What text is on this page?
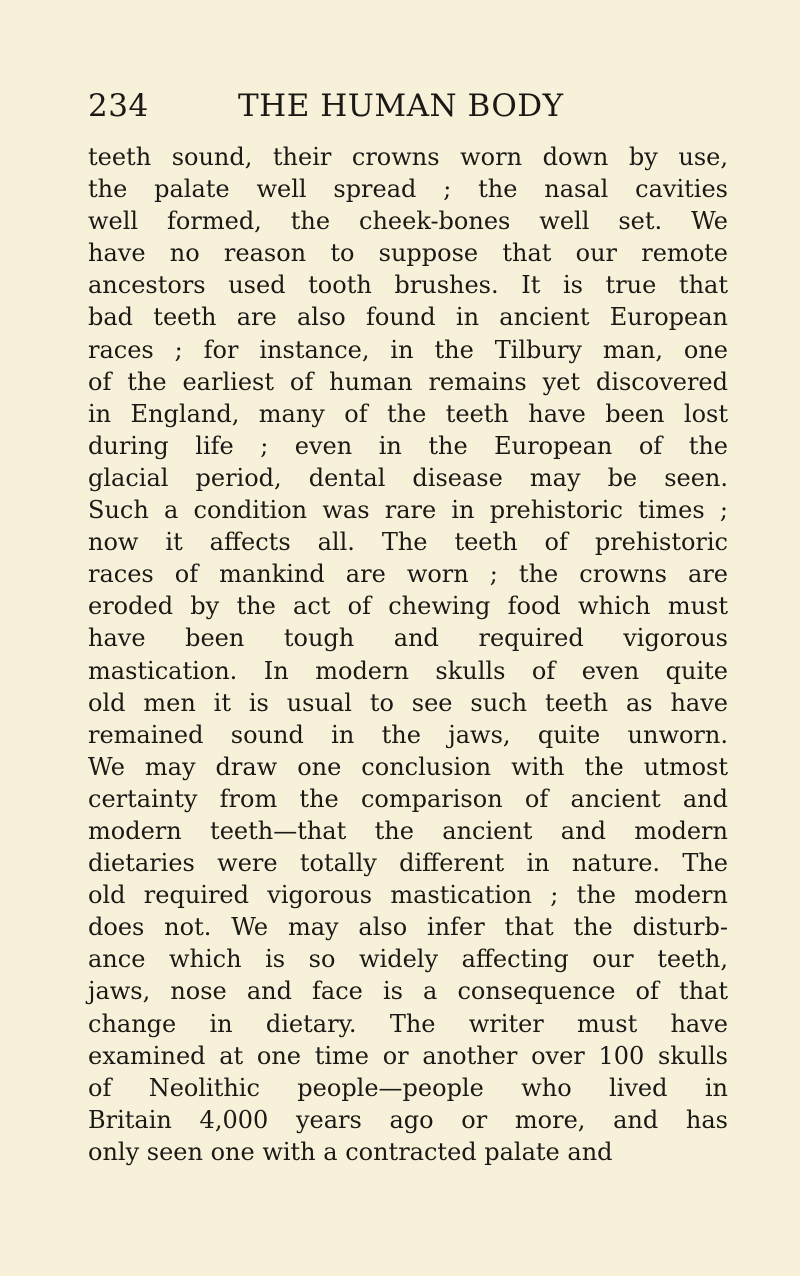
234	THE HUMAN BODY
teeth sound, their crowns worn down by use,
the palate well spread ; the nasal cavities
well formed, the cheek-bones well set. We
have no reason to suppose that our remote
ancestors used tooth brushes. It is true that
bad teeth are also found in ancient European
races ; for instance, in the Tilbury man, one
of the earliest of human remains yet discovered
in England, many of the teeth have been lost
during life ; even in the European of the
glacial period, dental disease may be seen.
Such a condition was rare in prehistoric times ;
now it affects all. The teeth of prehistoric
races of mankind are worn ; the crowns are
eroded by the act of chewing food which must
have been tough and required vigorous
mastication. In modern skulls of even quite
old men it is usual to see such teeth as have
remained sound in the jaws, quite unworn.
We may draw one conclusion with the utmost
certainty from the comparison of ancient and
modern teeth—that the ancient and modern
dietaries were totally different in nature. The
old required vigorous mastication ; the modern
does not. We may also infer that the disturb-
ance which is so widely affecting our teeth,
jaws, nose and face is a consequence of that
change in dietary. The writer must have
examined at one time or another over 100 skulls
of Neolithic people—people who lived in
Britain 4,000 years ago or more, and has
only seen one with a contracted palate and
